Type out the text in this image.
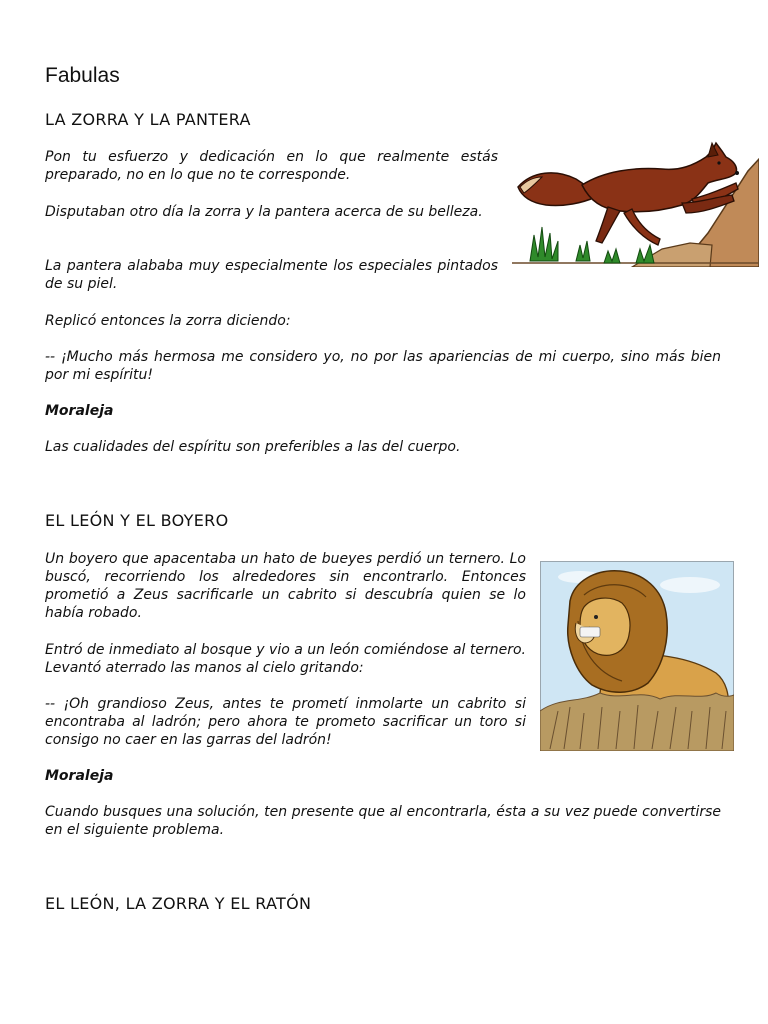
Fabulas
LA ZORRA Y LA PANTERA

Pon tu esfuerzo y dedicación en lo que realmente estás preparado, no en lo que no te corresponde.

Disputaban otro día la zorra y la pantera acerca de su belleza.

La pantera alababa muy especialmente los especiales pintados de su piel.

Replicó entonces la zorra diciendo:

-- ¡Mucho más hermosa me considero yo, no por las apariencias de mi cuerpo, sino más bien por mi espíritu!

Moraleja

Las cualidades del espíritu son preferibles a las del cuerpo.

EL LEÓN Y EL BOYERO

Un boyero que apacentaba un hato de bueyes perdió un ternero. Lo buscó, recorriendo los alrededores sin encontrarlo. Entonces prometió a Zeus sacrificarle un cabrito si descubría quien se lo había robado.

Entró de inmediato al bosque y vio a un león comiéndose al ternero. Levantó aterrado las manos al cielo gritando:

-- ¡Oh grandioso Zeus, antes te prometí inmolarte un cabrito si encontraba al ladrón; pero ahora te prometo sacrificar un toro si consigo no caer en las garras del ladrón!

Moraleja

Cuando busques una solución, ten presente que al encontrarla, ésta a su vez puede convertirse en el siguiente problema.

EL LEÓN, LA ZORRA Y EL RATÓN
